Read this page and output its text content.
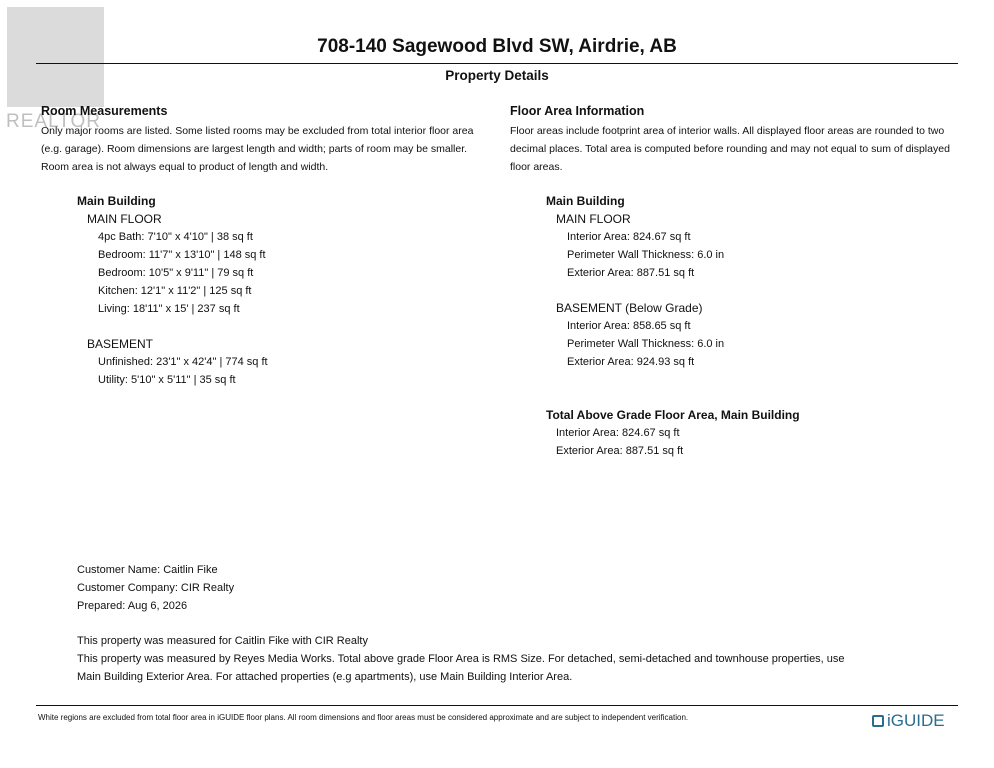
REALTOR
708-140 Sagewood Blvd SW, Airdrie, AB
Property Details
Room Measurements
Only major rooms are listed. Some listed rooms may be excluded from total interior floor area
(e.g. garage). Room dimensions are largest length and width; parts of room may be smaller.
Room area is not always equal to product of length and width.
Main Building
MAIN FLOOR
4pc Bath: 7'10" x 4'10" | 38 sq ft
Bedroom: 11'7" x 13'10" | 148 sq ft
Bedroom: 10'5" x 9'11" | 79 sq ft
Kitchen: 12'1" x 11'2" | 125 sq ft
Living: 18'11" x 15' | 237 sq ft
BASEMENT
Unfinished: 23'1" x 42'4" | 774 sq ft
Utility: 5'10" x 5'11" | 35 sq ft
Floor Area Information
Floor areas include footprint area of interior walls. All displayed floor areas are rounded to two
decimal places. Total area is computed before rounding and may not equal to sum of displayed
floor areas.
Main Building
MAIN FLOOR
Interior Area: 824.67 sq ft
Perimeter Wall Thickness: 6.0 in
Exterior Area: 887.51 sq ft
BASEMENT (Below Grade)
Interior Area: 858.65 sq ft
Perimeter Wall Thickness: 6.0 in
Exterior Area: 924.93 sq ft
Total Above Grade Floor Area, Main Building
Interior Area: 824.67 sq ft
Exterior Area: 887.51 sq ft
Customer Name: Caitlin Fike
Customer Company: CIR Realty
Prepared: Aug 6, 2026
This property was measured for Caitlin Fike with CIR Realty
This property was measured by Reyes Media Works. Total above grade Floor Area is RMS Size. For detached, semi-detached and townhouse properties, use
Main Building Exterior Area. For attached properties (e.g apartments), use Main Building Interior Area.
White regions are excluded from total floor area in iGUIDE floor plans. All room dimensions and floor areas must be considered approximate and are subject to independent verification.	iGUIDE
